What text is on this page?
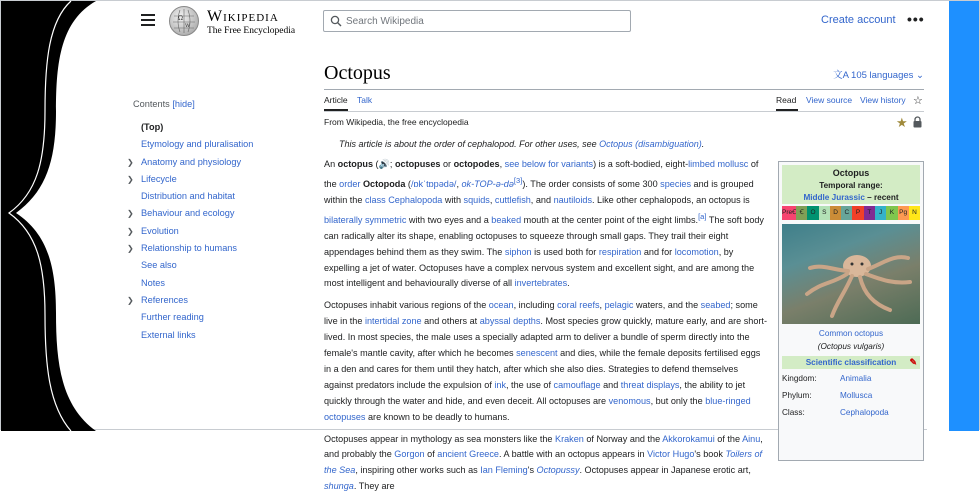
Ω
W
Wikipedia
The Free Encyclopedia
Search Wikipedia
Create account •••
Contents [hide]
(Top)
Etymology and pluralisation
❯ Anatomy and physiology
❯ Lifecycle
Distribution and habitat
❯ Behaviour and ecology
❯ Evolution
❯ Relationship to humans
See also
Notes
❯ References
Further reading
External links
Octopus	文A 105 languages ⌄
Article Talk	Read View source View history ☆
From Wikipedia, the free encyclopedia	★
This article is about the order of cephalopod. For other uses, see Octopus (disambiguation).

An octopus (🔊; octopuses or octopodes, see below for variants) is a soft-bodied, eight-limbed mollusc of the order Octopoda (/ɒkˈtɒpədə/, ok-TOP-ə-də[3]). The order consists of some 300 species and is grouped within the class Cephalopoda with squids, cuttlefish, and nautiloids. Like other cephalopods, an octopus is bilaterally symmetric with two eyes and a beaked mouth at the center point of the eight limbs.[a] The soft body can radically alter its shape, enabling octopuses to squeeze through small gaps. They trail their eight appendages behind them as they swim. The siphon is used both for respiration and for locomotion, by expelling a jet of water. Octopuses have a complex nervous system and excellent sight, and are among the most intelligent and behaviourally diverse of all invertebrates.

Octopuses inhabit various regions of the ocean, including coral reefs, pelagic waters, and the seabed; some live in the intertidal zone and others at abyssal depths. Most species grow quickly, mature early, and are short-lived. In most species, the male uses a specially adapted arm to deliver a bundle of sperm directly into the female's mantle cavity, after which he becomes senescent and dies, while the female deposits fertilised eggs in a den and cares for them until they hatch, after which she also dies. Strategies to defend themselves against predators include the expulsion of ink, the use of camouflage and threat displays, the ability to jet quickly through the water and hide, and even deceit. All octopuses are venomous, but only the blue-ringed octopuses are known to be deadly to humans.

Octopuses appear in mythology as sea monsters like the Kraken of Norway and the Akkorokamui of the Ainu, and probably the Gorgon of ancient Greece. A battle with an octopus appears in Victor Hugo's book Toilers of the Sea, inspiring other works such as Ian Fleming's Octopussy. Octopuses appear in Japanese erotic art, shunga. They are

Octopus
Temporal range:
Middle Jurassic – recent
PreꞒ Ꞓ	O	S	D	C	P	T	J	K Pg N
Common octopus
(Octopus vulgaris)
Scientific classification ✎
Kingdom:	Animalia
Phylum:	Mollusca
Class:	Cephalopoda
